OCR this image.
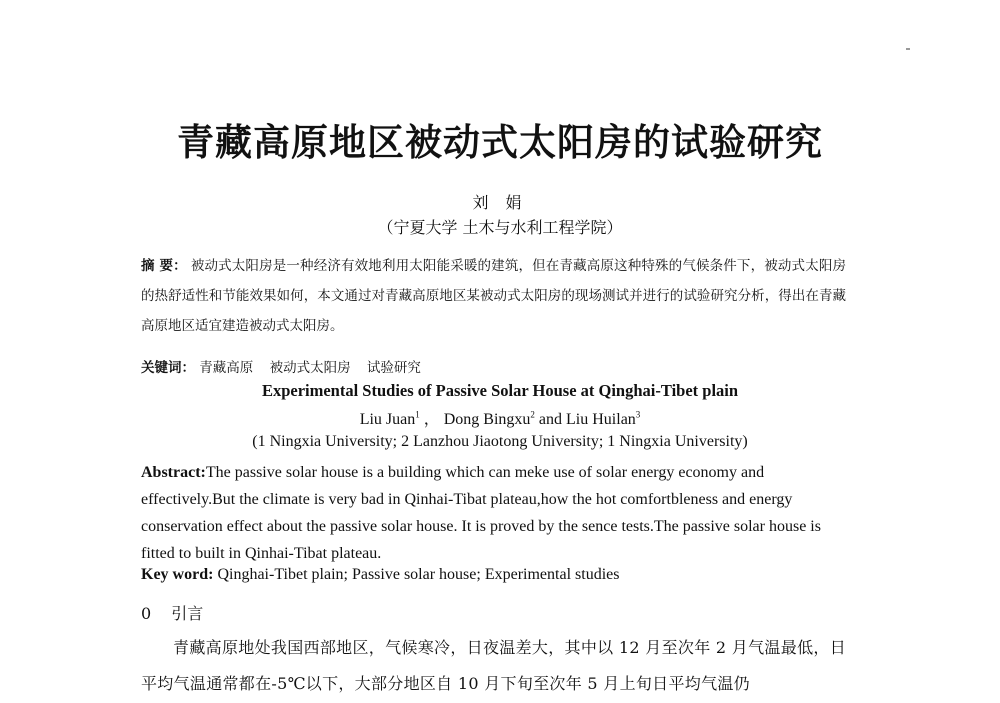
青藏高原地区被动式太阳房的试验研究
刘 娟
（宁夏大学 土木与水利工程学院）
摘 要： 被动式太阳房是一种经济有效地利用太阳能采暖的建筑，但在青藏高原这种特殊的气候条件下，被动式太阳房的热舒适性和节能效果如何，本文通过对青藏高原地区某被动式太阳房的现场测试并进行的试验研究分析，得出在青藏高原地区适宜建造被动式太阳房。
关键词： 青藏高原 被动式太阳房 试验研究
Experimental Studies of Passive Solar House at Qinghai-Tibet plain
Liu Juan$^1$ ， Dong Bingxu$^2$ and Liu Huilan$^3$
(1 Ningxia University; 2 Lanzhou Jiaotong University; 1 Ningxia University)
Abstract:The passive solar house is a building which can meke use of solar energy economy and effectively.But the climate is very bad in Qinhai-Tibat plateau,how the hot comfortbleness and energy conservation effect about the passive solar house. It is proved by the sence tests.The passive solar house is fitted to built in Qinhai-Tibat plateau.
Key word: Qinghai-Tibet plain; Passive solar house; Experimental studies
0 引言
青藏高原地处我国西部地区，气候寒冷，日夜温差大，其中以 12 月至次年 2 月气温最低，日平均气温通常都在-5℃以下，大部分地区自 10 月下旬至次年 5 月上旬日平均气温仍
